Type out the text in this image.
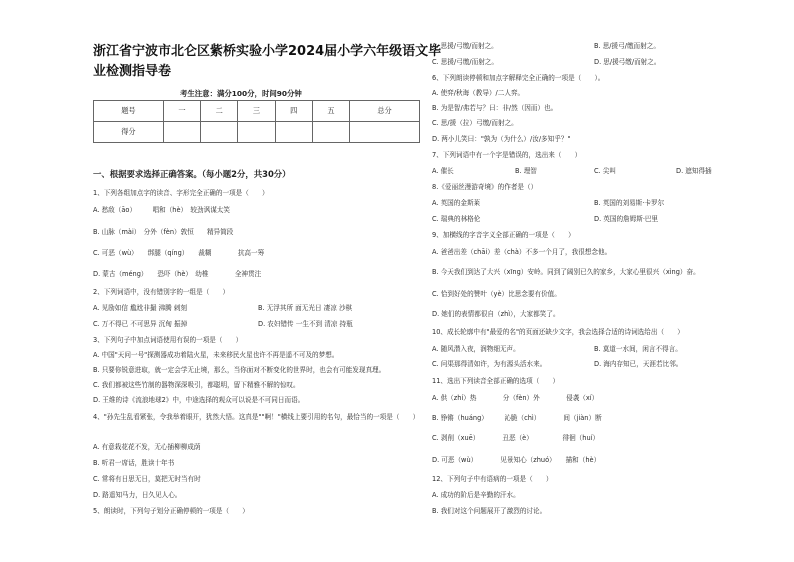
浙江省宁波市北仑区紫桥实验小学2024届小学六年级语文毕
业检测指导卷
考生注意：满分100分，时间90分钟
题号	一	二	三	四	五	总分
得分						
一、根据要求选择正确答案。（每小题2分，共30分）
1、下列各组加点字的读音、字形完全正确的一项是（　　）
A. 愁敌（āo）　　　唱和（hè）　较劲讽谋太笑
B. 山脉（mài）　分外（fèn）敦恒　　精异简段
C. 可恶（wù）　　绑腿（qíng）　　裁糊　　　　抗高一筹
D. 蒙古（méng）　　恐吓（hè）　幼椎　　　　全神贯注
2、下列词语中，没有错别字的一组是（　　）
A. 见励如信 尴尬非撮 沸腾 刺刻	B. 无浮其所 面无光日 凄凉 沙棋
C. 万不得已 不可思异 沉甸 振掉	D. 农妇错传 一生不到 清凉 持瓶
3、下列句子中加点词语使用有误的一项是（　　）
A. 中国"天问一号"探测器成功着陆火星，未来移民火星也许不再是遥不可及的梦想。
B. 只要你锐意进取，就一定会学无止境，那么，当你面对不断变化的世界时，也会有可能发现真理。
C. 我们都被这些竹制的器物深深吸引，都聪明，留下精雅不解的惊叹。
D. 王维的诗《流浪地球2》中，中途选择的观众可以说是不可同日而语。
4、"孙先生乱看紧张，令我举着眼开，犹然大悟。这真是""啊！"横线上要引用的名句，最恰当的一项是（　　）
A. 有意栽花花不发，无心插柳柳成荫
B. 听君一席话，胜读十年书
C. 常将有日思无日，莫把无时当有时
D. 路遥知马力，日久见人心。
5、朗读时，下列句子划分正确停顿的一项是（　　）
A. 思援/弓缴/而射之。	B. 思/援弓/缴而射之。
C. 思援/弓缴/而射之。	D. 思/援弓缴/而射之。
6、下列朗读停顿和加点字解释完全正确的一项是（　　）。
A. 使弈/秋诲（教导）/二人弈。
B. 为是智/弗若与？曰：非/然（因而）也。
C. 思/援（拉）弓缴/而射之。
D. 两小儿笑曰："孰为（为什么）/汝/多知乎？"
7、下列词语中有一个字是错误的，选出来（　　）
A. 催长	B. 理智	C. 尖叫	D. 遮知得插
8.《爱丽丝漫游奇境》的作者是（）
A. 英国的金斯莱	B. 英国的刘易斯·卡罗尔
C. 瑞典的林格伦	D. 英国的詹姆斯·巴里
9、加横线的字音字义全部正确的一项是（　　）
A. 爸爸出差（chāi）差（chà）不多一个月了，我很想念他。
B. 今天我们到达了大兴（xīng）安岭。同到了阔别已久的家乡，大家心里很兴（xìng）奋。
C. 恰到好处的赞叶（yè）比思念要有价值。
D. 她们的表情都很自（zhì），大家都笑了。
10、成长轮廓中有"最爱的名"的页面还缺少文字，我会选择合适的诗词选给出（　　）
A. 随风潜入夜，润物细无声。	B. 莫道一水间，闲言不得言。
C. 问渠那得清如许，为有源头活水来。	D. 海内存知已，天涯若比邻。
11、选出下列读音全部正确的选项（　　）
A. 供（zhí）热　　　　分（fèn）外　　　　侵袭（xí）
B. 铮锵（huáng）　　　沁脆（chì）　　　　间（jiàn）断
C. 剥削（xuē）　　　　丑恶（è）　　　　　徘徊（huí）
D. 可恶（wù）　　　　见景知心（zhuó）　　描和（hè）
12、下列句子中有语病的一项是（　　）
A. 成功的阶后是辛勤的汗水。
B. 我们对这个问题展开了激烈的讨论。
